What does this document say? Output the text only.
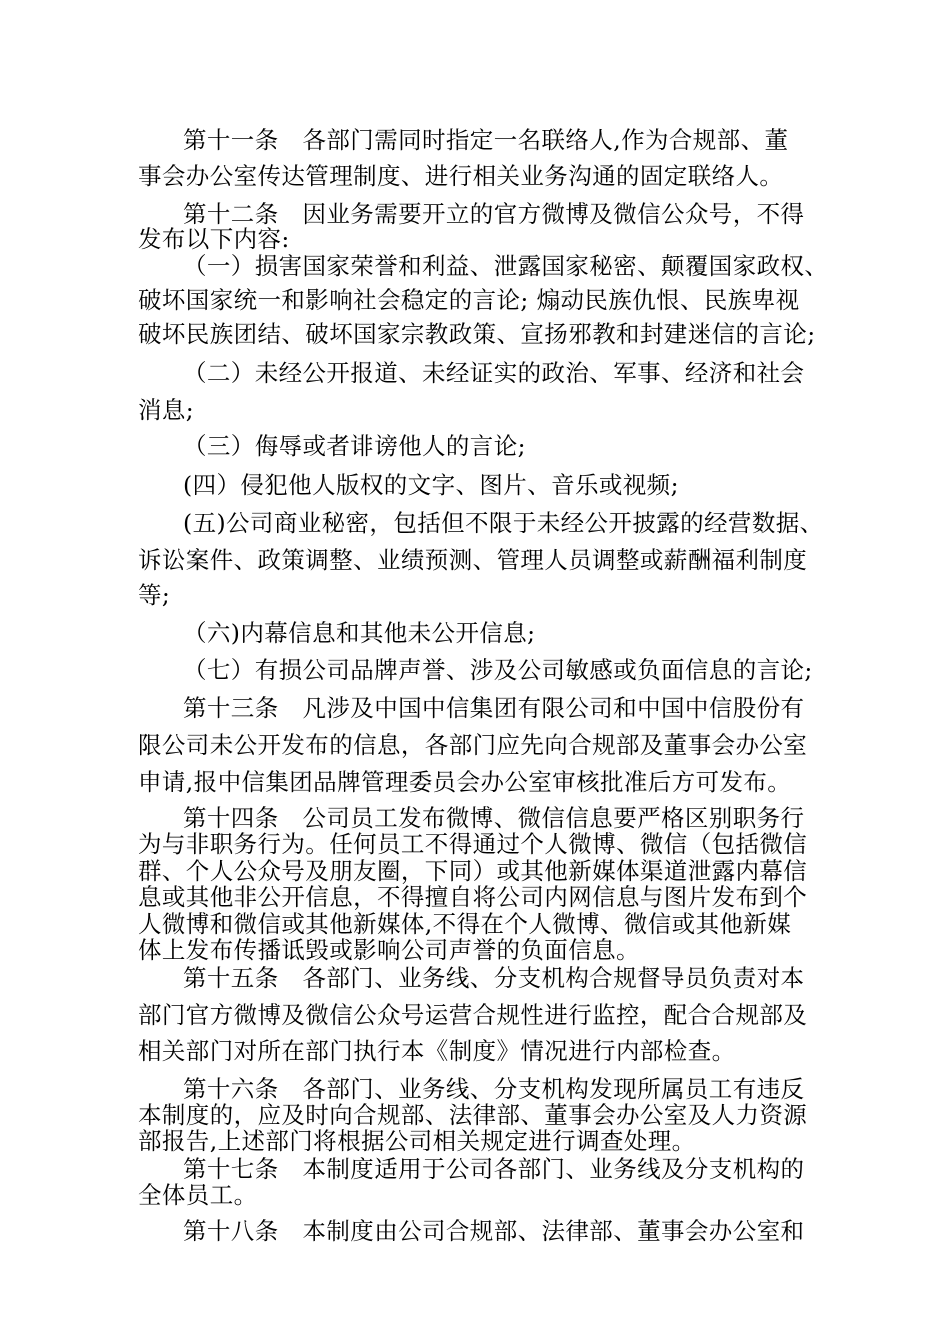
第十一条　各部门需同时指定一名联络人,作为合规部、董
事会办公室传达管理制度、进行相关业务沟通的固定联络人。
第十二条　因业务需要开立的官方微博及微信公众号，不得
发布以下内容:
（一）损害国家荣誉和利益、泄露国家秘密、颠覆国家政权、
破坏国家统一和影响社会稳定的言论; 煽动民族仇恨、民族卑视
破坏民族团结、破坏国家宗教政策、宣扬邪教和封建迷信的言论;
（二）未经公开报道、未经证实的政治、军事、经济和社会
消息;
（三）侮辱或者诽谤他人的言论;
(四）侵犯他人版权的文字、图片、音乐或视频;
(五)公司商业秘密，包括但不限于未经公开披露的经营数据、
诉讼案件、政策调整、业绩预测、管理人员调整或薪酬福利制度
等;
（六)内幕信息和其他未公开信息;
（七）有损公司品牌声誉、涉及公司敏感或负面信息的言论;
第十三条　凡涉及中国中信集团有限公司和中国中信股份有
限公司未公开发布的信息，各部门应先向合规部及董事会办公室
申请,报中信集团品牌管理委员会办公室审核批准后方可发布。
第十四条　公司员工发布微博、微信信息要严格区别职务行
为与非职务行为。任何员工不得通过个人微博、微信（包括微信
群、个人公众号及朋友圈，下同）或其他新媒体渠道泄露内幕信
息或其他非公开信息，不得擅自将公司内网信息与图片发布到个
人微博和微信或其他新媒体,不得在个人微博、微信或其他新媒
体上发布传播诋毁或影响公司声誉的负面信息。
第十五条　各部门、业务线、分支机构合规督导员负责对本
部门官方微博及微信公众号运营合规性进行监控，配合合规部及
相关部门对所在部门执行本《制度》情况进行内部检查。
第十六条　各部门、业务线、分支机构发现所属员工有违反
本制度的，应及时向合规部、法律部、董事会办公室及人力资源
部报告,上述部门将根据公司相关规定进行调查处理。
第十七条　本制度适用于公司各部门、业务线及分支机构的
全体员工。
第十八条　本制度由公司合规部、法律部、董事会办公室和
